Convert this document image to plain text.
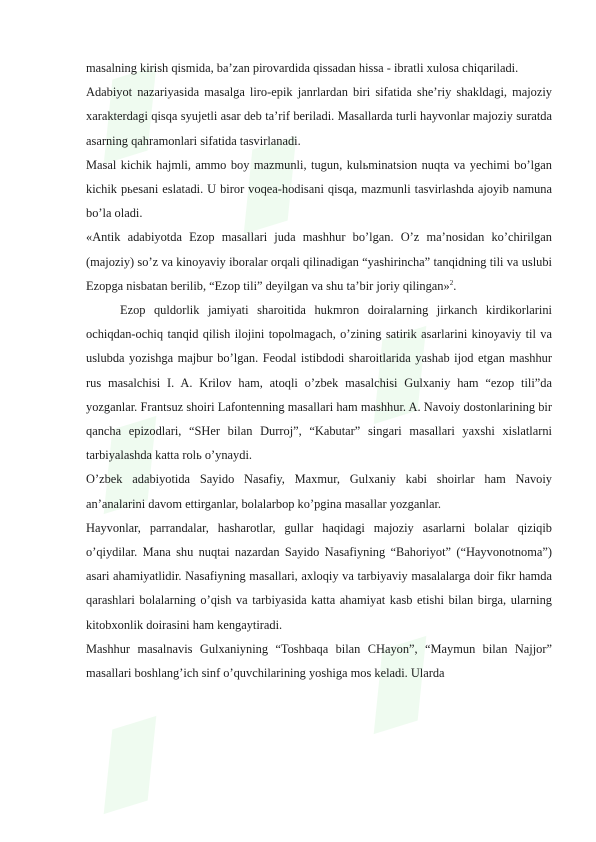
masalning kirish qismida, ba’zan pirovardida qissadan hissa - ibratli xulosa chiqariladi.

Adabiyot nazariyasida masalga liro-epik janrlardan biri sifatida she’riy shakldagi, majoziy xarakterdagi qisqa syujetli asar deb ta’rif beriladi. Masallarda turli hayvonlar majoziy suratda asarning qahramonlari sifatida tasvirlanadi.

Masal kichik hajmli, ammo boy mazmunli, tugun, kulьminatsion nuqta va yechimi bo’lgan kichik pьesani eslatadi. U biror voqea-hodisani qisqa, mazmunli tasvirlashda ajoyib namuna bo’la oladi.

«Antik adabiyotda Ezop masallari juda mashhur bo’lgan. O’z ma’nosidan ko’chirilgan (majoziy) so’z va kinoyaviy iboralar orqali qilinadigan “yashirincha” tanqidning tili va uslubi Ezopga nisbatan berilib, “Ezop tili” deyilgan va shu ta’bir joriy qilingan»$^2$.

Ezop quldorlik jamiyati sharoitida hukmron doiralarning jirkanch kirdikorlarini ochiqdan-ochiq tanqid qilish ilojini topolmagach, o’zining satirik asarlarini kinoyaviy til va uslubda yozishga majbur bo’lgan. Feodal istibdodi sharoitlarida yashab ijod etgan mashhur rus masalchisi I. A. Krilov ham, atoqli o’zbek masalchisi Gulxaniy ham “ezop tili”da yozganlar. Frantsuz shoiri Lafontenning masallari ham mashhur. A. Navoiy dostonlarining bir qancha epizodlari, “SHer bilan Durroj”, “Kabutar” singari masallari yaxshi xislatlarni tarbiyalashda katta rolь o’ynaydi.

O’zbek adabiyotida Sayido Nasafiy, Maxmur, Gulxaniy kabi shoirlar ham Navoiy an’analarini davom ettirganlar, bolalarbop ko’pgina masallar yozganlar.

Hayvonlar, parrandalar, hasharotlar, gullar haqidagi majoziy asarlarni bolalar qiziqib o’qiydilar. Mana shu nuqtai nazardan Sayido Nasafiyning “Bahoriyot” (“Hayvonotnoma”) asari ahamiyatlidir. Nasafiyning masallari, axloqiy va tarbiyaviy masalalarga doir fikr hamda qarashlari bolalarning o’qish va tarbiyasida katta ahamiyat kasb etishi bilan birga, ularning kitobxonlik doirasini ham kengaytiradi.

Mashhur masalnavis Gulxaniyning “Toshbaqa bilan CHayon”, “Maymun bilan Najjor” masallari boshlang’ich sinf o’quvchilarining yoshiga mos keladi. Ularda
